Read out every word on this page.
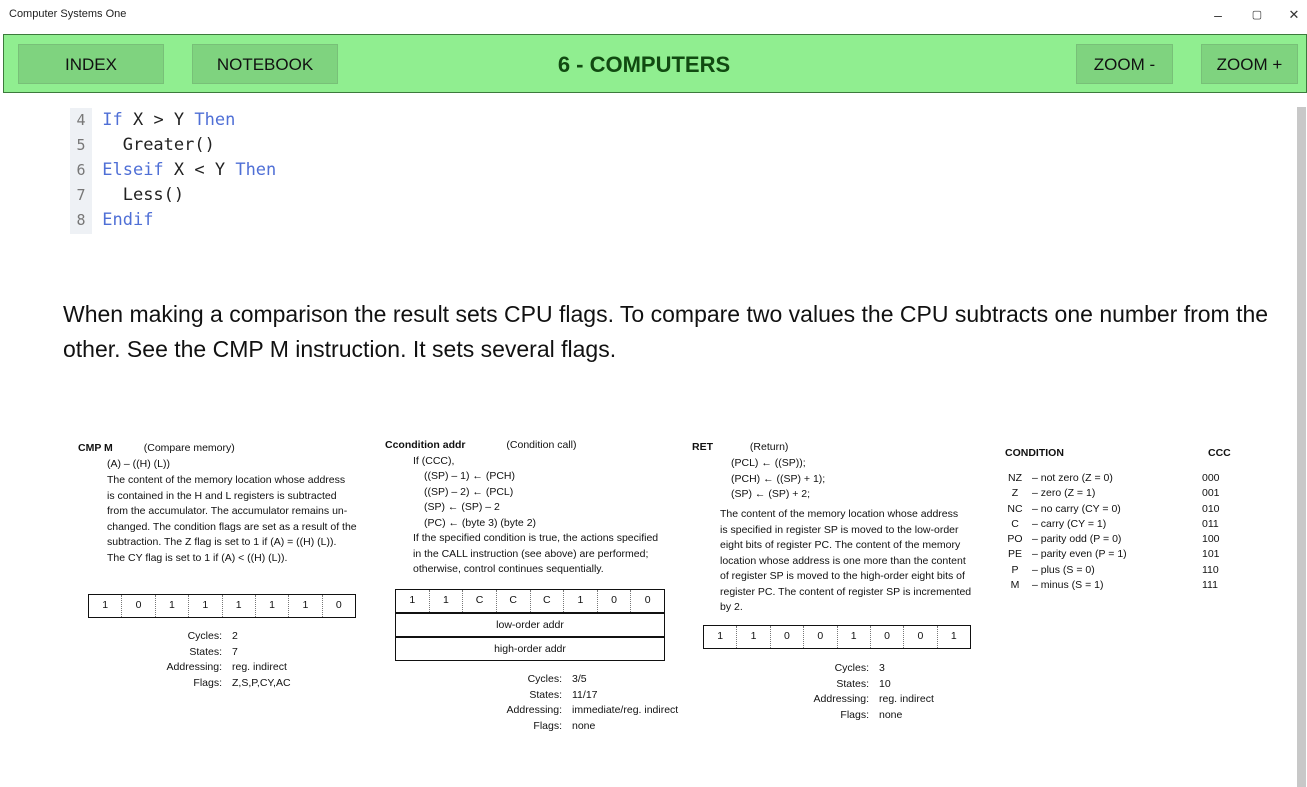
Computer Systems One	–	▢	✕
INDEX	NOTEBOOK	6 - COMPUTERS	ZOOM -	ZOOM +
4 If X > Y Then
5   Greater()
6 Elseif X < Y Then
7   Less()
8 Endif
When making a comparison the result sets CPU flags. To compare two values the CPU subtracts one number from the other. See the CMP M instruction. It sets several flags.
CMP M	(Compare memory)
(A) – ((H) (L))
The content of the memory location whose address
is contained in the H and L registers is subtracted
from the accumulator. The accumulator remains un-
changed. The condition flags are set as a result of the
subtraction. The Z flag is set to 1 if (A) = ((H) (L)).
The CY flag is set to 1 if (A) < ((H) (L)).
1	0	1	1	1	1	1	0
Cycles: 2
States: 7
Addressing: reg. indirect
Flags: Z,S,P,CY,AC
Ccondition addr	(Condition call)
If (CCC),
((SP) – 1) ← (PCH)
((SP) – 2) ← (PCL)
(SP) ← (SP) – 2
(PC) ← (byte 3) (byte 2)
If the specified condition is true, the actions specified
in the CALL instruction (see above) are performed;
otherwise, control continues sequentially.
1	1	C	C	C	1	0	0
low-order addr
high-order addr
Cycles: 3/5
States: 11/17
Addressing: immediate/reg. indirect
Flags: none
RET	(Return)
(PCL) ← ((SP));
(PCH) ← ((SP) + 1);
(SP) ← (SP) + 2;
The content of the memory location whose address
is specified in register SP is moved to the low-order
eight bits of register PC. The content of the memory
location whose address is one more than the content
of register SP is moved to the high-order eight bits of
register PC. The content of register SP is incremented
by 2.
1	1	0	0	1	0	0	1
Cycles: 3
States: 10
Addressing: reg. indirect
Flags: none
CONDITION	CCC
NZ	– not zero (Z = 0)	000
Z	– zero (Z = 1)	001
NC	– no carry (CY = 0)	010
C	– carry (CY = 1)	011
PO	– parity odd (P = 0)	100
PE	– parity even (P = 1)	101
P	– plus (S = 0)	110
M	– minus (S = 1)	111
